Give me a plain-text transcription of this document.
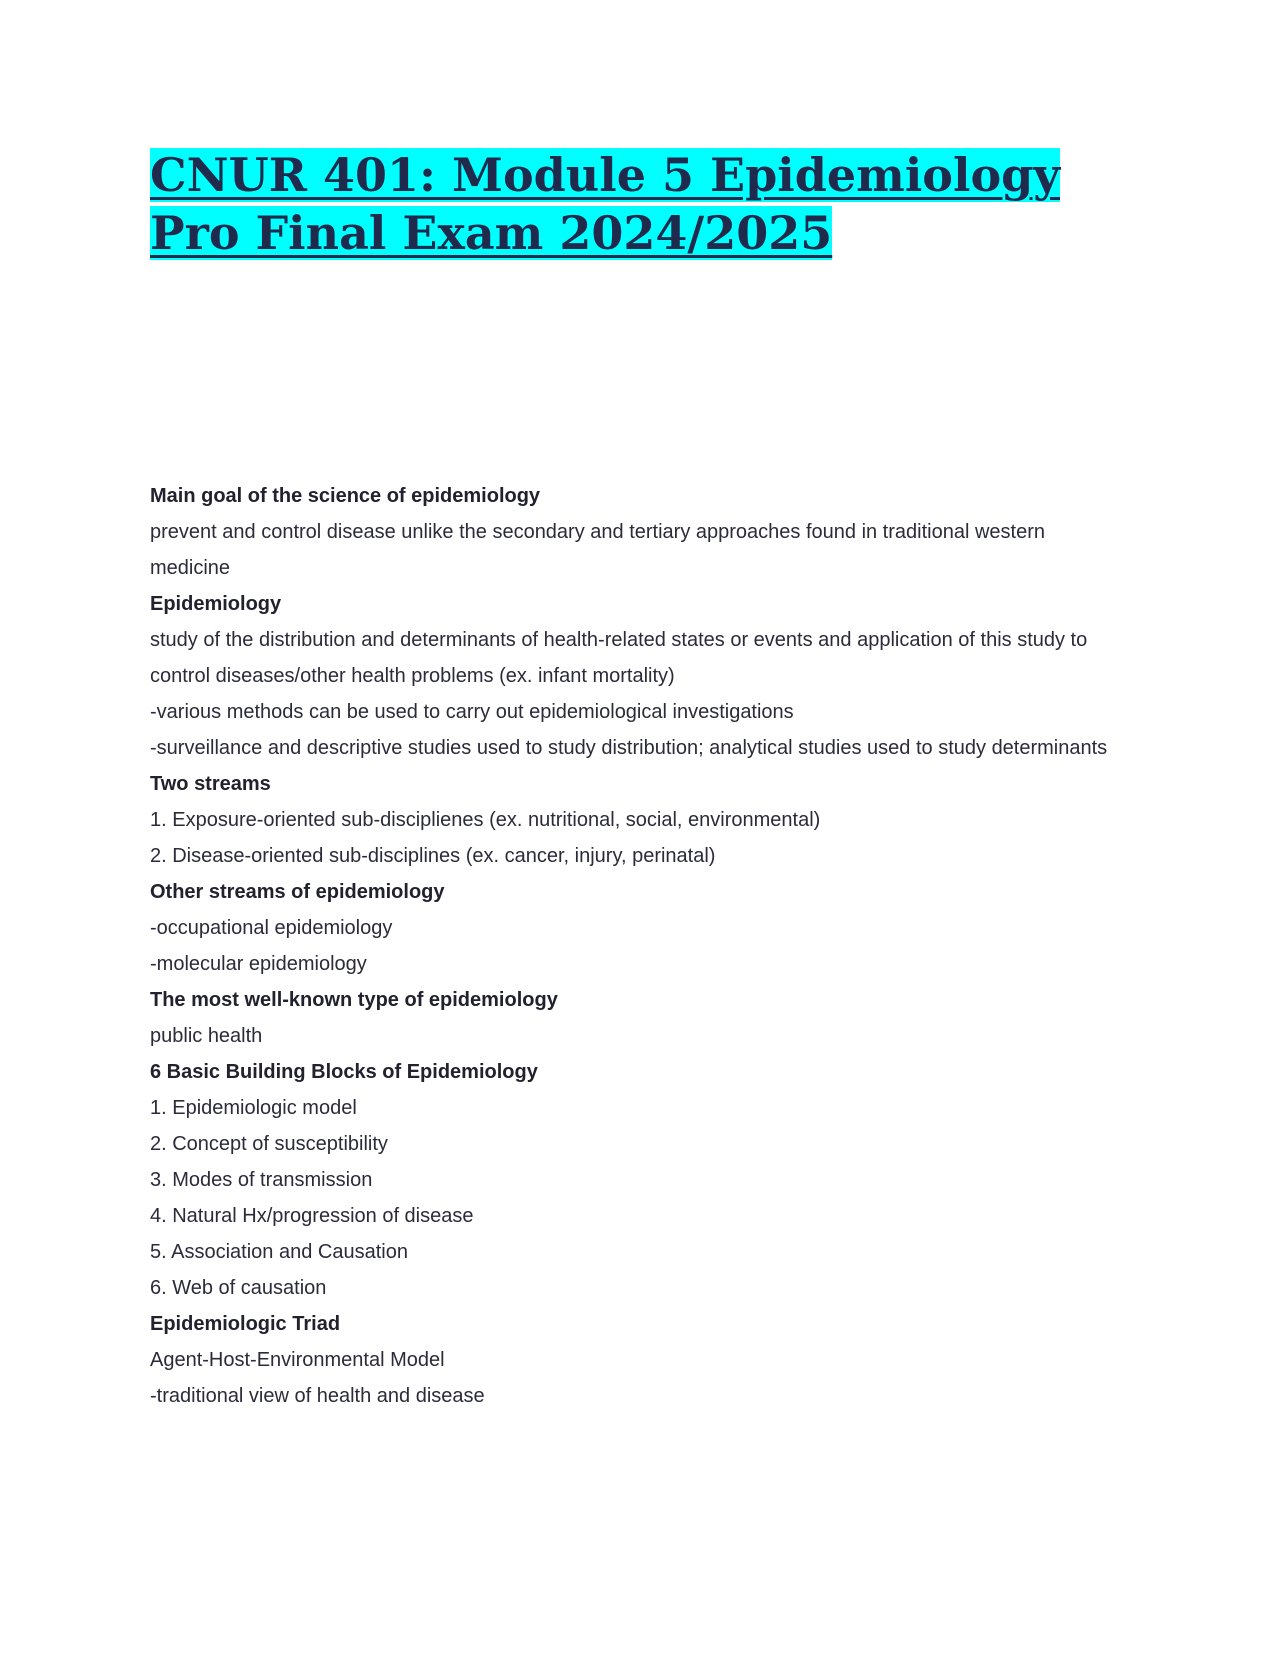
CNUR 401: Module 5 Epidemiology Pro Final Exam 2024/2025

Main goal of the science of epidemiology

prevent and control disease unlike the secondary and tertiary approaches found in traditional western medicine

Epidemiology

study of the distribution and determinants of health-related states or events and application of this study to control diseases/other health problems (ex. infant mortality)

-various methods can be used to carry out epidemiological investigations

-surveillance and descriptive studies used to study distribution; analytical studies used to study determinants

Two streams

1. Exposure-oriented sub-disciplienes (ex. nutritional, social, environmental)

2. Disease-oriented sub-disciplines (ex. cancer, injury, perinatal)

Other streams of epidemiology

-occupational epidemiology

-molecular epidemiology

The most well-known type of epidemiology

public health

6 Basic Building Blocks of Epidemiology

1. Epidemiologic model

2. Concept of susceptibility

3. Modes of transmission

4. Natural Hx/progression of disease

5. Association and Causation

6. Web of causation

Epidemiologic Triad

Agent-Host-Environmental Model

-traditional view of health and disease
